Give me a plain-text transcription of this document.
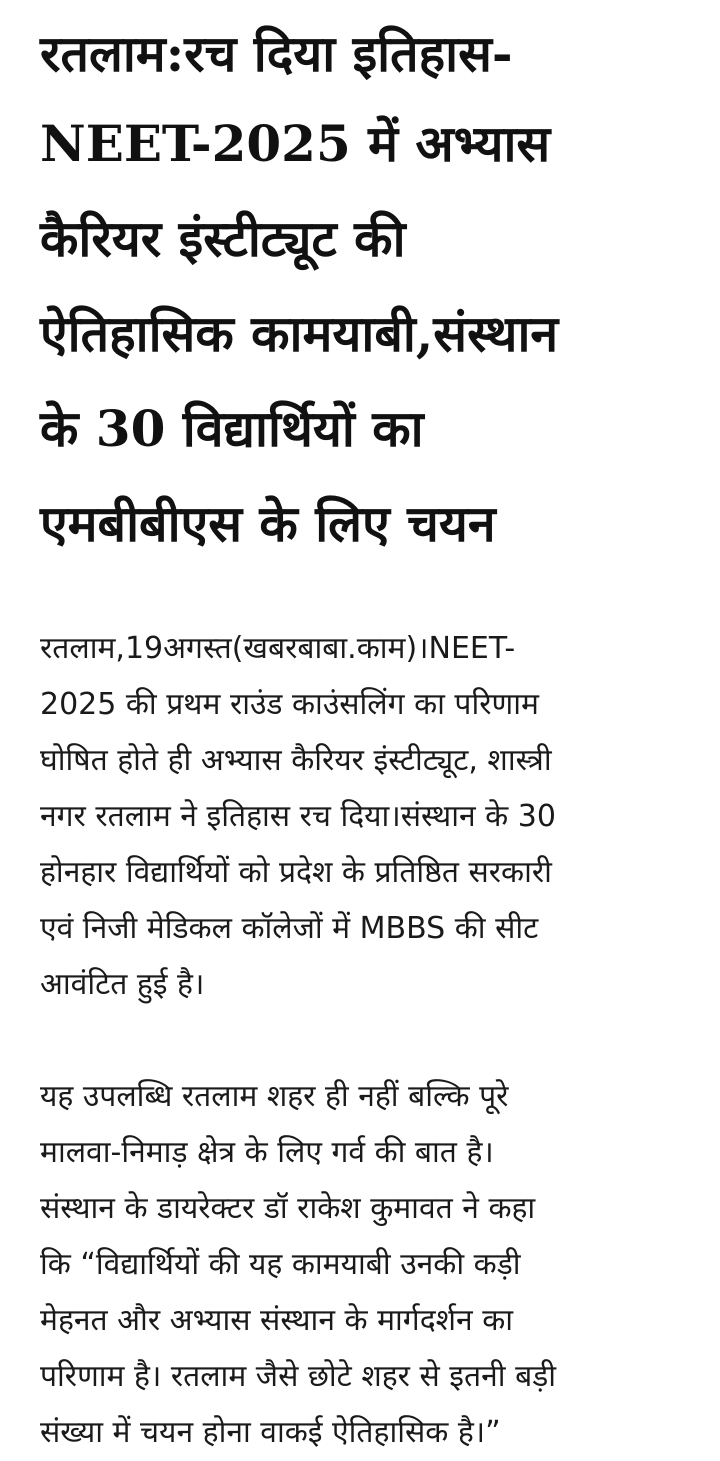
रतलाम:रच दिया इतिहास-
NEET-2025 में अभ्यास
कैरियर इंस्टीट्यूट की
ऐतिहासिक कामयाबी,संस्थान
के 30 विद्यार्थियों का
एमबीबीएस के लिए चयन

रतलाम,19अगस्त(खबरबाबा.काम)।NEET-
2025 की प्रथम राउंड काउंसलिंग का परिणाम
घोषित होते ही अभ्यास कैरियर इंस्टीट्यूट, शास्त्री
नगर रतलाम ने इतिहास रच दिया।संस्थान के 30
होनहार विद्यार्थियों को प्रदेश के प्रतिष्ठित सरकारी
एवं निजी मेडिकल कॉलेजों में MBBS की सीट
आवंटित हुई है।

यह उपलब्धि रतलाम शहर ही नहीं बल्कि पूरे
मालवा-निमाड़ क्षेत्र के लिए गर्व की बात है।
संस्थान के डायरेक्टर डॉ राकेश कुमावत ने कहा
कि “विद्यार्थियों की यह कामयाबी उनकी कड़ी
मेहनत और अभ्यास संस्थान के मार्गदर्शन का
परिणाम है। रतलाम जैसे छोटे शहर से इतनी बड़ी
संख्या में चयन होना वाकई ऐतिहासिक है।”
